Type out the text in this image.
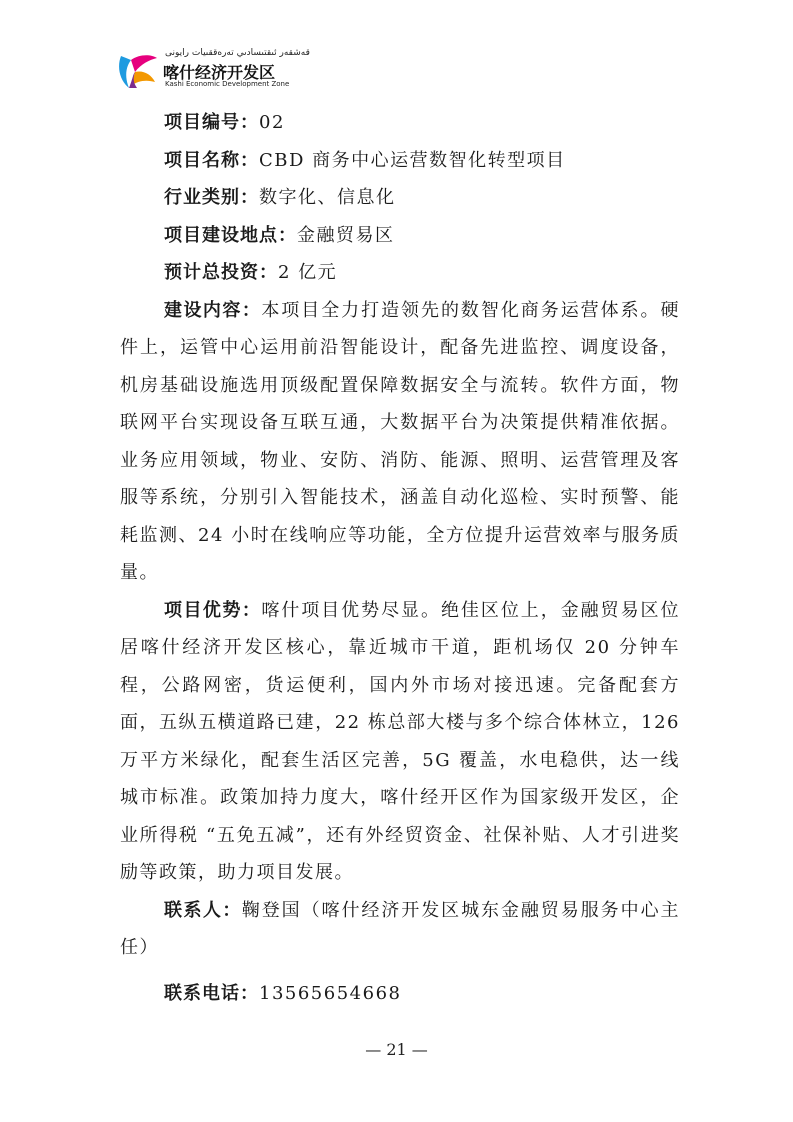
قەشقەر ئىقتىسادىي تەرەققىيات رايونى
喀什经济开发区
Kashi Economic Development Zone
项目编号：02
项目名称：CBD 商务中心运营数智化转型项目
行业类别：数字化、信息化
项目建设地点：金融贸易区
预计总投资：2 亿元

建设内容：本项目全力打造领先的数智化商务运营体系。硬件上，运管中心运用前沿智能设计，配备先进监控、调度设备，机房基础设施选用顶级配置保障数据安全与流转。软件方面，物联网平台实现设备互联互通，大数据平台为决策提供精准依据。业务应用领域，物业、安防、消防、能源、照明、运营管理及客服等系统，分别引入智能技术，涵盖自动化巡检、实时预警、能耗监测、24 小时在线响应等功能，全方位提升运营效率与服务质量。

项目优势：喀什项目优势尽显。绝佳区位上，金融贸易区位居喀什经济开发区核心，靠近城市干道，距机场仅 20 分钟车程，公路网密，货运便利，国内外市场对接迅速。完备配套方面，五纵五横道路已建，22 栋总部大楼与多个综合体林立，126 万平方米绿化，配套生活区完善，5G 覆盖，水电稳供，达一线城市标准。政策加持力度大，喀什经开区作为国家级开发区，企业所得税 “五免五减”，还有外经贸资金、社保补贴、人才引进奖励等政策，助力项目发展。

联系人：鞠登国（喀什经济开发区城东金融贸易服务中心主任）

联系电话：13565654668
— 21 —
